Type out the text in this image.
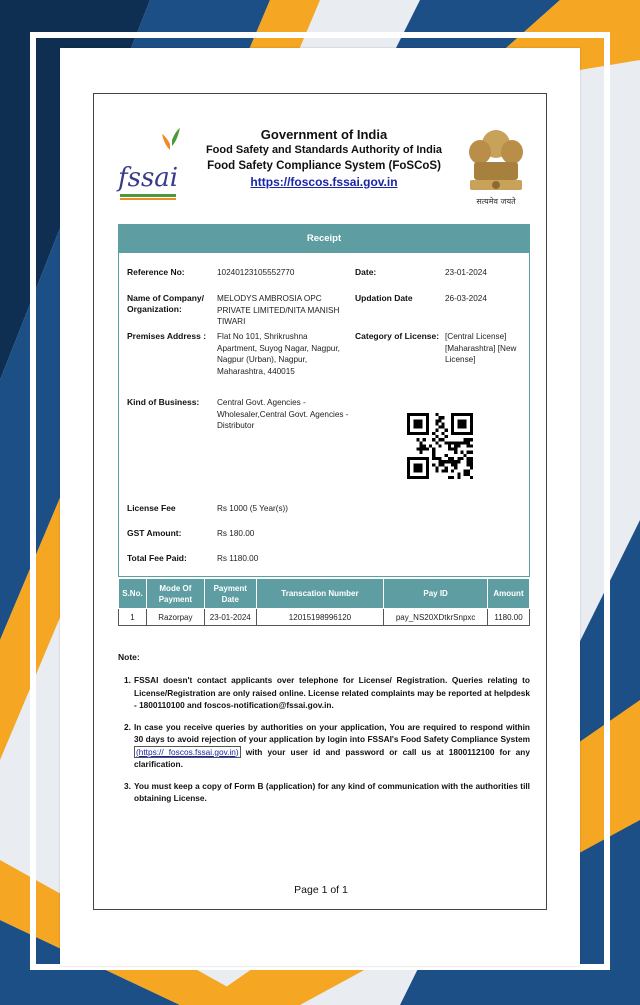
fssai
Government of India
Food Safety and Standards Authority of India
Food Safety Compliance System (FoSCoS)
https://foscos.fssai.gov.in
सत्यमेव जयते
Receipt
Reference No:	10240123105552770	Date:	23-01-2024
Name of Company/ Organization:
MELODYS AMBROSIA OPC PRIVATE LIMITED/NITA MANISH TIWARI
Updation Date	26-03-2024
Premises Address : Flat No 101, Shrikrushna Apartment, Suyog Nagar, Nagpur, Nagpur (Urban), Nagpur, Maharashtra, 440015
Category of License: [Central License] [Maharashtra] [New License]
Kind of Business: Central Govt. Agencies - Wholesaler,Central Govt. Agencies - Distributor
License Fee	Rs 1000 (5 Year(s))
GST Amount:	Rs 180.00
Total Fee Paid:	Rs 1180.00
S.No.	Mode Of Payment	Payment Date	Transcation Number	Pay ID	Amount
1	Razorpay	23-01-2024	12015198996120	pay_NS20XDtkrSnpxc	1180.00
Note:
1. FSSAI doesn't contact applicants over telephone for License/ Registration. Queries relating to License/Registration are only raised online. License related complaints may be reported at helpdesk - 1800110100 and foscos-notification@fssai.gov.in.
2. In case you receive queries by authorities on your application, You are required to respond within 30 days to avoid rejection of your application by login into FSSAI's Food Safety Compliance System (https:// foscos.fssai.gov.in) with your user id and password or call us at 1800112100 for any clarification.
3. You must keep a copy of Form B (application) for any kind of communication with the authorities till obtaining License.
Page 1 of 1
